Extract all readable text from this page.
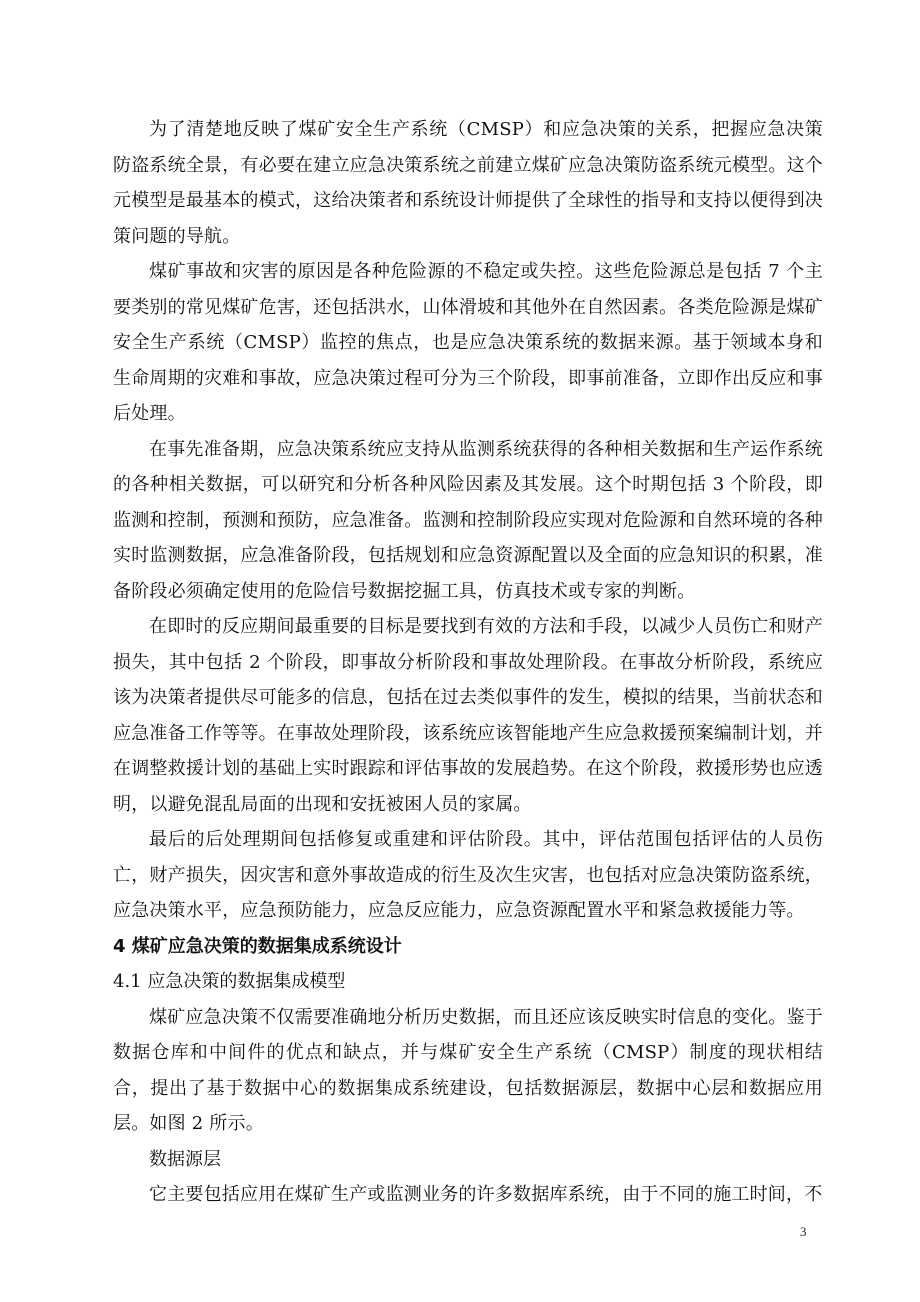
为了清楚地反映了煤矿安全生产系统（CMSP）和应急决策的关系，把握应急决策防盗系统全景，有必要在建立应急决策系统之前建立煤矿应急决策防盗系统元模型。这个元模型是最基本的模式，这给决策者和系统设计师提供了全球性的指导和支持以便得到决策问题的导航。

煤矿事故和灾害的原因是各种危险源的不稳定或失控。这些危险源总是包括 7 个主要类别的常见煤矿危害，还包括洪水，山体滑坡和其他外在自然因素。各类危险源是煤矿安全生产系统（CMSP）监控的焦点，也是应急决策系统的数据来源。基于领域本身和生命周期的灾难和事故，应急决策过程可分为三个阶段，即事前准备，立即作出反应和事后处理。

在事先准备期，应急决策系统应支持从监测系统获得的各种相关数据和生产运作系统的各种相关数据，可以研究和分析各种风险因素及其发展。这个时期包括 3 个阶段，即监测和控制，预测和预防，应急准备。监测和控制阶段应实现对危险源和自然环境的各种实时监测数据，应急准备阶段，包括规划和应急资源配置以及全面的应急知识的积累，准备阶段必须确定使用的危险信号数据挖掘工具，仿真技术或专家的判断。

在即时的反应期间最重要的目标是要找到有效的方法和手段，以减少人员伤亡和财产损失，其中包括 2 个阶段，即事故分析阶段和事故处理阶段。在事故分析阶段，系统应该为决策者提供尽可能多的信息，包括在过去类似事件的发生，模拟的结果，当前状态和应急准备工作等等。在事故处理阶段，该系统应该智能地产生应急救援预案编制计划，并在调整救援计划的基础上实时跟踪和评估事故的发展趋势。在这个阶段，救援形势也应透明，以避免混乱局面的出现和安抚被困人员的家属。

最后的后处理期间包括修复或重建和评估阶段。其中，评估范围包括评估的人员伤亡，财产损失，因灾害和意外事故造成的衍生及次生灾害，也包括对应急决策防盗系统，应急决策水平，应急预防能力，应急反应能力，应急资源配置水平和紧急救援能力等。

4 煤矿应急决策的数据集成系统设计

4.1 应急决策的数据集成模型

煤矿应急决策不仅需要准确地分析历史数据，而且还应该反映实时信息的变化。鉴于数据仓库和中间件的优点和缺点，并与煤矿安全生产系统（CMSP）制度的现状相结合，提出了基于数据中心的数据集成系统建设，包括数据源层，数据中心层和数据应用层。如图 2 所示。

数据源层

它主要包括应用在煤矿生产或监测业务的许多数据库系统，由于不同的施工时间，不

3
